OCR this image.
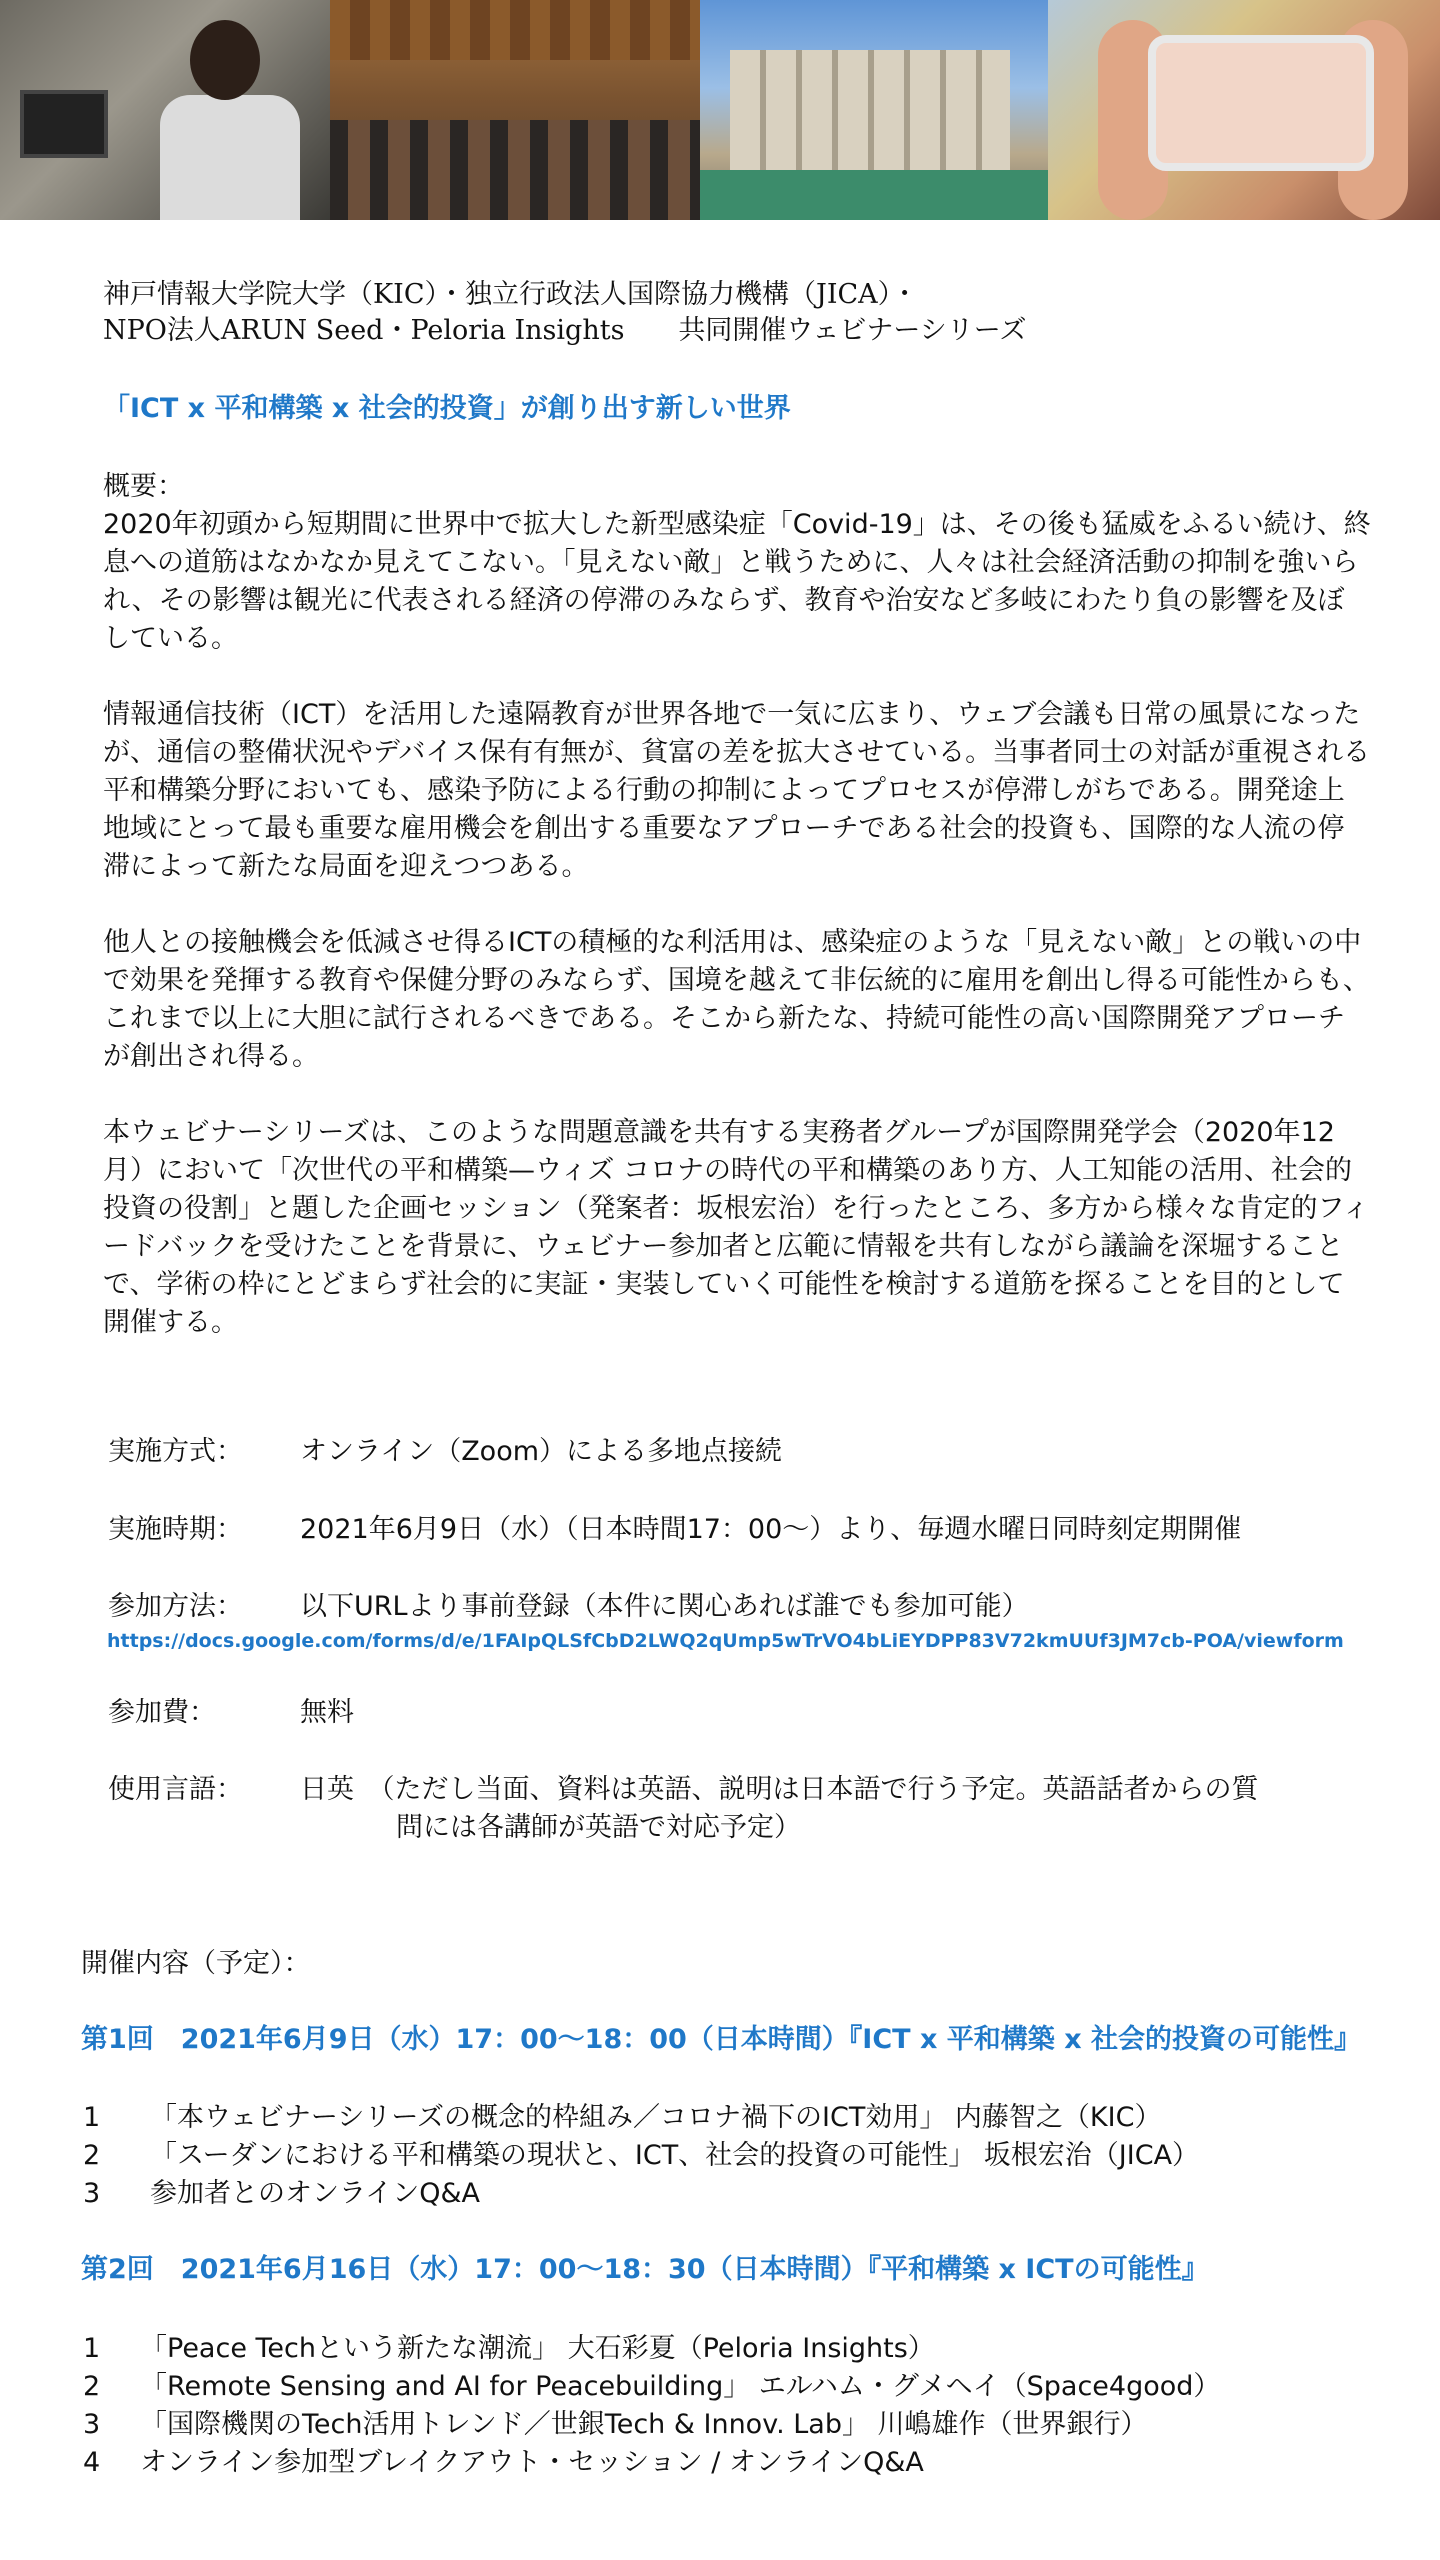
神戸情報大学院大学（KIC）・独立行政法人国際協力機構（JICA）・

NPO法人ARUN Seed・Peloria Insights　　共同開催ウェビナーシリーズ

「ICT x 平和構築 x 社会的投資」が創り出す新しい世界

概要：

2020年初頭から短期間に世界中で拡大した新型感染症「Covid-19」は、その後も猛威をふるい続け、終息への道筋はなかなか見えてこない。「見えない敵」と戦うために、人々は社会経済活動の抑制を強いられ、その影響は観光に代表される経済の停滞のみならず、教育や治安など多岐にわたり負の影響を及ぼしている。

情報通信技術（ICT）を活用した遠隔教育が世界各地で一気に広まり、ウェブ会議も日常の風景になったが、通信の整備状況やデバイス保有有無が、貧富の差を拡大させている。当事者同士の対話が重視される平和構築分野においても、感染予防による行動の抑制によってプロセスが停滞しがちである。開発途上地域にとって最も重要な雇用機会を創出する重要なアプローチである社会的投資も、国際的な人流の停滞によって新たな局面を迎えつつある。

他人との接触機会を低減させ得るICTの積極的な利活用は、感染症のような「見えない敵」との戦いの中で効果を発揮する教育や保健分野のみならず、国境を越えて非伝統的に雇用を創出し得る可能性からも、これまで以上に大胆に試行されるべきである。そこから新たな、持続可能性の高い国際開発アプローチが創出され得る。

本ウェビナーシリーズは、このような問題意識を共有する実務者グループが国際開発学会（2020年12月）において「次世代の平和構築—ウィズ コロナの時代の平和構築のあり方、人工知能の活用、社会的投資の役割」と題した企画セッション（発案者：坂根宏治）を行ったところ、多方から様々な肯定的フィードバックを受けたことを背景に、ウェビナー参加者と広範に情報を共有しながら議論を深堀することで、学術の枠にとどまらず社会的に実証・実装していく可能性を検討する道筋を探ることを目的として開催する。

実施方式： オンライン（Zoom）による多地点接続

実施時期： 2021年6月9日（水）（日本時間17：00～）より、毎週水曜日同時刻定期開催

参加方法： 以下URLより事前登録（本件に関心あれば誰でも参加可能）

https://docs.google.com/forms/d/e/1FAIpQLSfCbD2LWQ2qUmp5wTrVO4bLiEYDPP83V72kmUUf3JM7cb-POA/viewform

参加費：	無料

使用言語： 日英　（ただし当面、資料は英語、説明は日本語で行う予定。英語話者からの質

問には各講師が英語で対応予定）

開催内容（予定）：

第1回　2021年6月9日（水）17：00～18：00（日本時間）『ICT x 平和構築 x 社会的投資の可能性』

1	「本ウェビナーシリーズの概念的枠組み／コロナ禍下のICT効用」 内藤智之（KIC）

2	「スーダンにおける平和構築の現状と、ICT、社会的投資の可能性」 坂根宏治（JICA）

3	参加者とのオンラインQ&A

第2回　2021年6月16日（水）17：00～18：30（日本時間）『平和構築 x ICTの可能性』

1	「Peace Techという新たな潮流」 大石彩夏（Peloria Insights）

2	「Remote Sensing and AI for Peacebuilding」 エルハム・グメヘイ（Space4good）

3	「国際機関のTech活用トレンド／世銀Tech & Innov. Lab」 川嶋雄作（世界銀行）

4	オンライン参加型ブレイクアウト・セッション / オンラインQ&A
